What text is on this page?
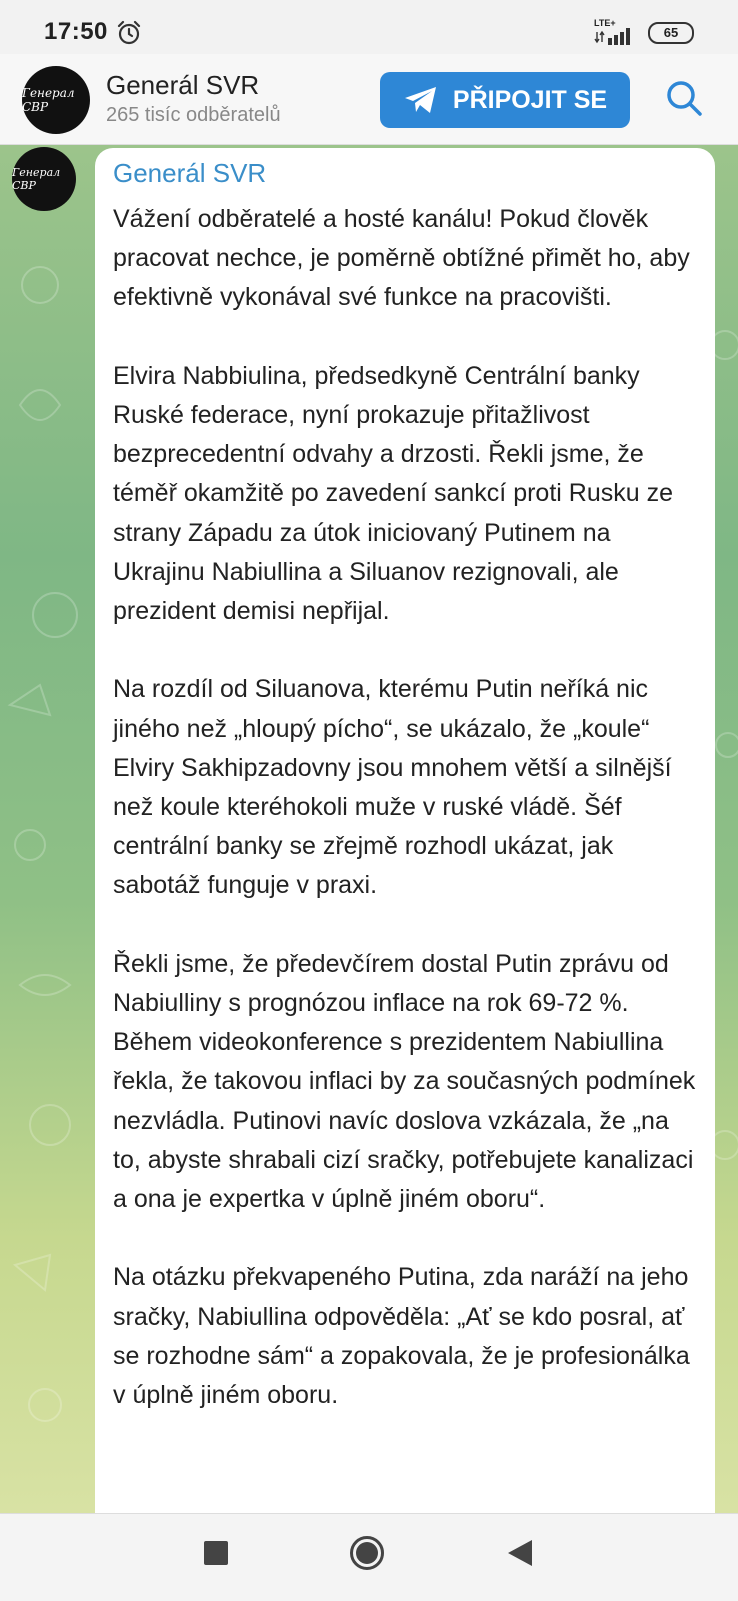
17:50	LTE+
65
Генерал СВР
Generál SVR
265 tisíc odběratelů
PŘIPOJIT SE
Генерал СВР	Generál SVR

Vážení odběratelé a hosté kanálu! Pokud člověk pracovat nechce, je poměrně obtížné přimět ho, aby efektivně vykonával své funkce na pracovišti.

Elvira Nabbiulina, předsedkyně Centrální banky Ruské federace, nyní prokazuje přitažlivost bezprecedentní odvahy a drzosti. Řekli jsme, že téměř okamžitě po zavedení sankcí proti Rusku ze strany Západu za útok iniciovaný Putinem na Ukrajinu Nabiullina a Siluanov rezignovali, ale prezident demisi nepřijal.

Na rozdíl od Siluanova, kterému Putin neříká nic jiného než „hloupý pícho“, se ukázalo, že „koule“ Elviry Sakhipzadovny jsou mnohem větší a silnější než koule kteréhokoli muže v ruské vládě. Šéf centrální banky se zřejmě rozhodl ukázat, jak sabotáž funguje v praxi.

Řekli jsme, že předevčírem dostal Putin zprávu od Nabiulliny s prognózou inflace na rok 69-72 %. Během videokonference s prezidentem Nabiullina řekla, že takovou inflaci by za současných podmínek nezvládla. Putinovi navíc doslova vzkázala, že „na to, abyste shrabali cizí sračky, potřebujete kanalizaci a ona je expertka v úplně jiném oboru“.

Na otázku překvapeného Putina, zda naráží na jeho sračky, Nabiullina odpověděla: „Ať se kdo posral, ať se rozhodne sám“ a zopakovala, že je profesionálka v úplně jiném oboru.
